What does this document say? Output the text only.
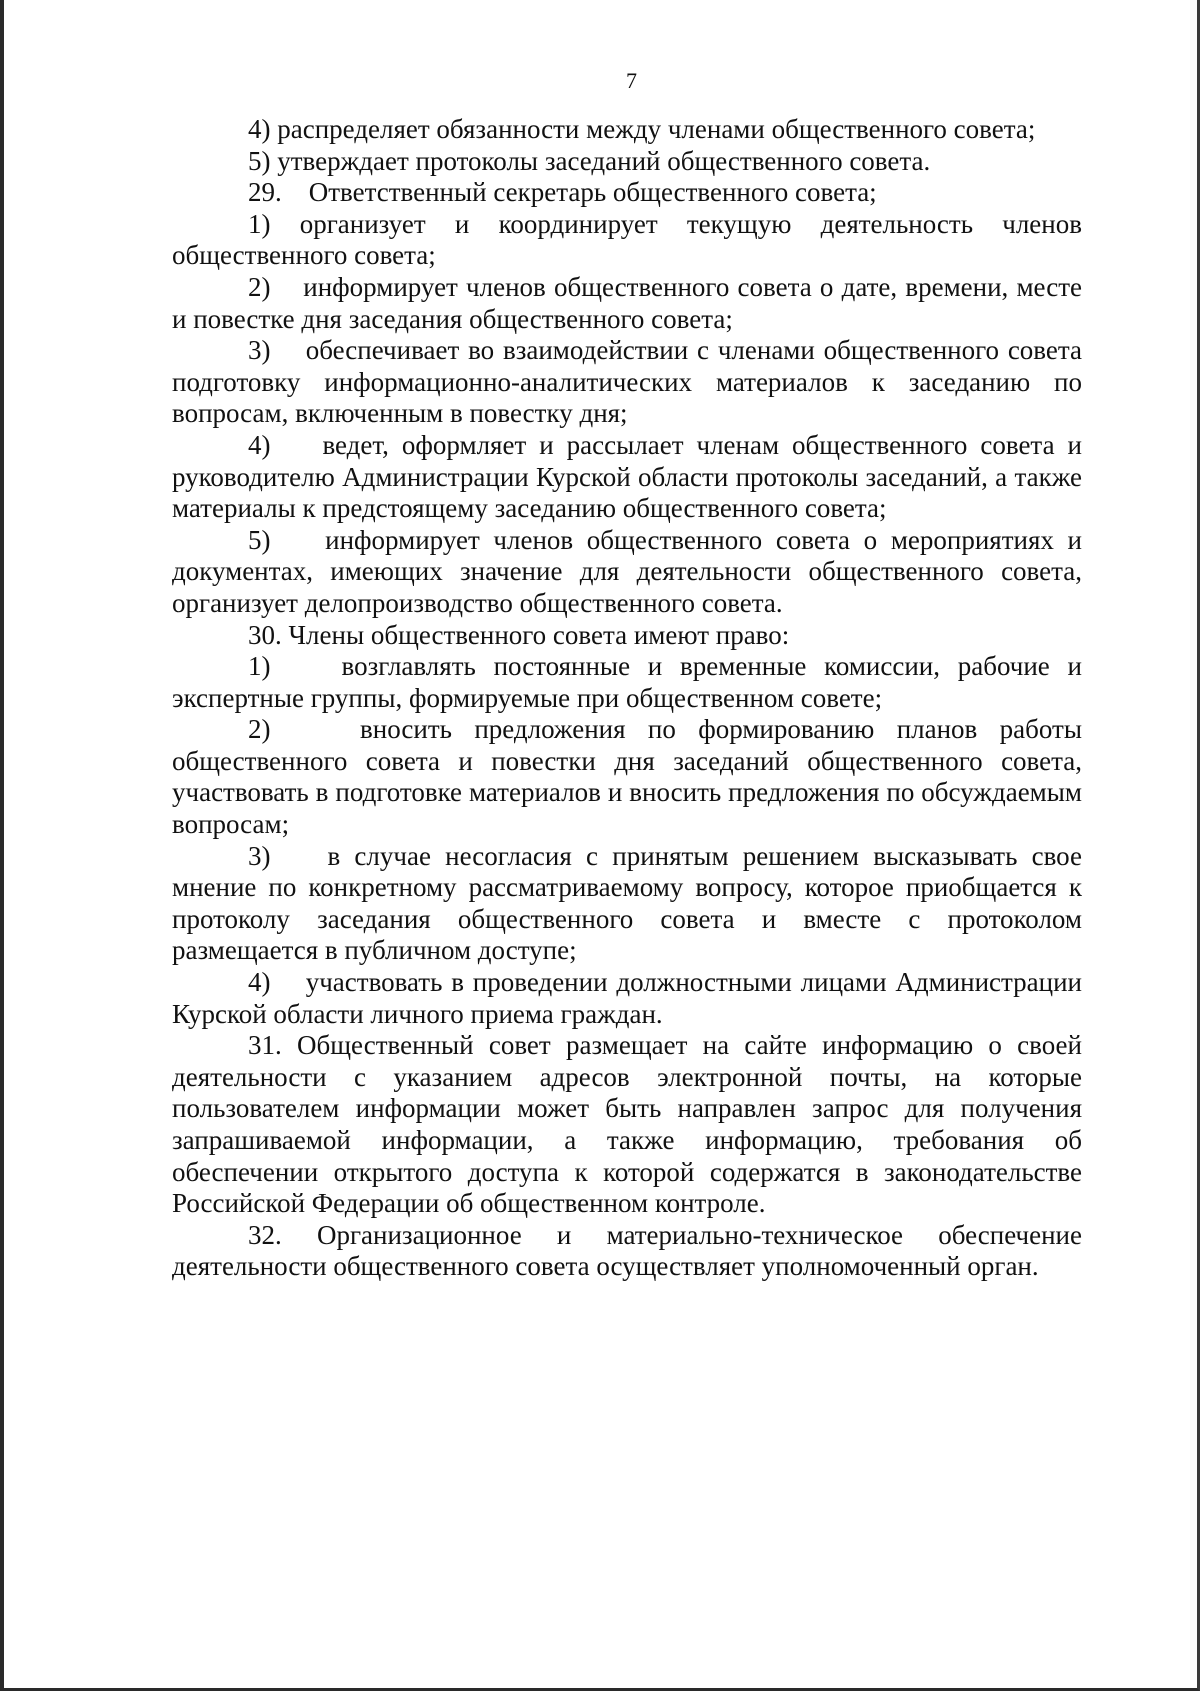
7

4) распределяет обязанности между членами общественного совета;

5) утверждает протоколы заседаний общественного совета.

29.    Ответственный секретарь общественного совета;

1) организует и координирует текущую деятельность членов общественного совета;

2)    информирует членов общественного совета о дате, времени, месте и повестке дня заседания общественного совета;

3)    обеспечивает во взаимодействии с членами общественного совета подготовку информационно-аналитических материалов к заседанию по вопросам, включенным в повестку дня;

4)    ведет, оформляет и рассылает членам общественного совета и руководителю Администрации Курской области протоколы заседаний, а также материалы к предстоящему заседанию общественного совета;

5)    информирует членов общественного совета о мероприятиях и документах, имеющих значение для деятельности общественного совета, организует делопроизводство общественного совета.

30. Члены общественного совета имеют право:

1)    возглавлять постоянные и временные комиссии, рабочие и экспертные группы, формируемые при общественном совете;

2)    вносить предложения по формированию планов работы общественного совета и повестки дня заседаний общественного совета, участвовать в подготовке материалов и вносить предложения по обсуждаемым вопросам;

3)    в случае несогласия с принятым решением высказывать свое мнение по конкретному рассматриваемому вопросу, которое приобщается к протоколу заседания общественного совета и вместе с протоколом размещается в публичном доступе;

4)    участвовать в проведении должностными лицами Администрации Курской области личного приема граждан.

31. Общественный совет размещает на сайте информацию о своей деятельности с указанием адресов электронной почты, на которые пользователем информации может быть направлен запрос для получения запрашиваемой информации, а также информацию, требования об обеспечении открытого доступа к которой содержатся в законодательстве Российской Федерации об общественном контроле.

32. Организационное и материально-техническое обеспечение деятельности общественного совета осуществляет уполномоченный орган.
